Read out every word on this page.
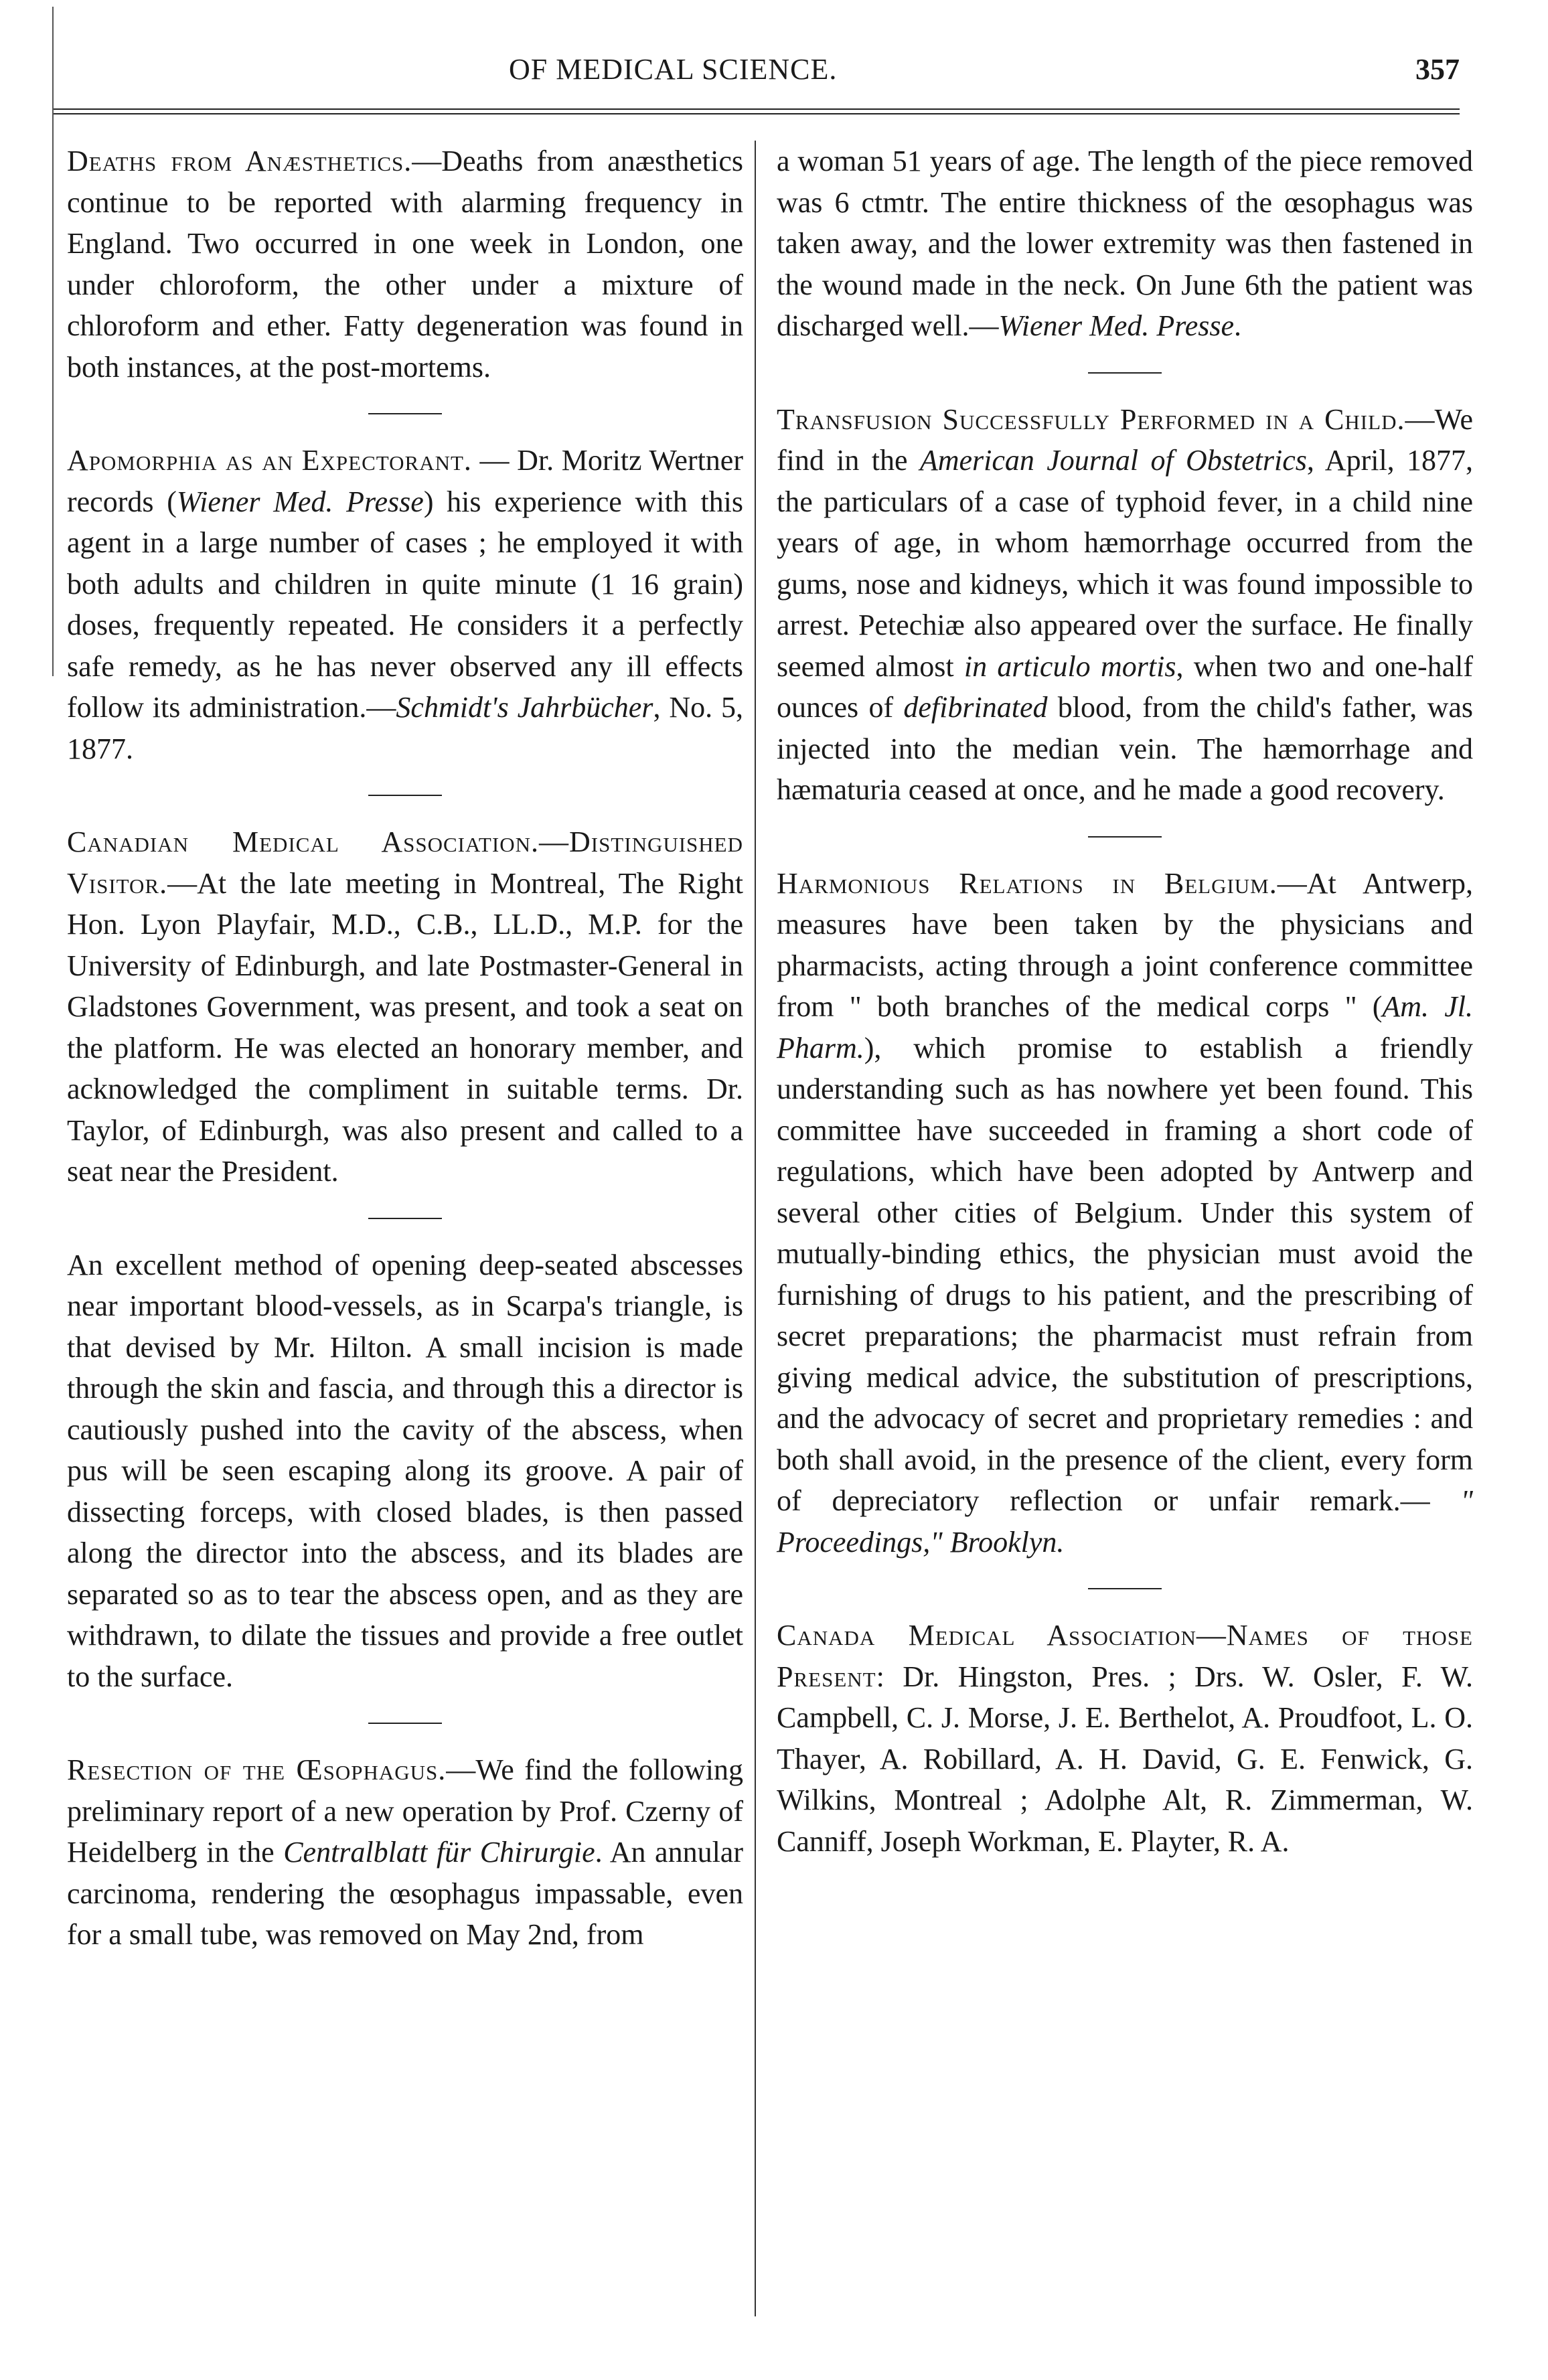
OF MEDICAL SCIENCE.	357

Deaths from Anæsthetics.—Deaths from anæsthetics continue to be reported with alarming frequency in England. Two occurred in one week in London, one under chloroform, the other under a mixture of chloroform and ether. Fatty degeneration was found in both instances, at the post-mortems.

Apomorphia as an Expectorant. — Dr. Moritz Wertner records (Wiener Med. Presse) his experience with this agent in a large number of cases ; he employed it with both adults and children in quite minute (1 16 grain) doses, frequently repeated. He considers it a perfectly safe remedy, as he has never observed any ill effects follow its administration.—Schmidt's Jahrbücher, No. 5, 1877.

Canadian Medical Association.—Distinguished Visitor.—At the late meeting in Montreal, The Right Hon. Lyon Playfair, M.D., C.B., LL.D., M.P. for the University of Edinburgh, and late Postmaster-General in Gladstones Government, was present, and took a seat on the platform. He was elected an honorary member, and acknowledged the compliment in suitable terms. Dr. Taylor, of Edinburgh, was also present and called to a seat near the President.

An excellent method of opening deep-seated abscesses near important blood-vessels, as in Scarpa's triangle, is that devised by Mr. Hilton. A small incision is made through the skin and fascia, and through this a director is cautiously pushed into the cavity of the abscess, when pus will be seen escaping along its groove. A pair of dissecting forceps, with closed blades, is then passed along the director into the abscess, and its blades are separated so as to tear the abscess open, and as they are withdrawn, to dilate the tissues and provide a free outlet to the surface.

Resection of the Œsophagus.—We find the following preliminary report of a new operation by Prof. Czerny of Heidelberg in the Centralblatt für Chirurgie. An annular carcinoma, rendering the œsophagus impassable, even for a small tube, was removed on May 2nd, from

a woman 51 years of age. The length of the piece removed was 6 ctmtr. The entire thickness of the œsophagus was taken away, and the lower extremity was then fastened in the wound made in the neck. On June 6th the patient was discharged well.—Wiener Med. Presse.

Transfusion Successfully Performed in a Child.—We find in the American Journal of Obstetrics, April, 1877, the particulars of a case of typhoid fever, in a child nine years of age, in whom hæmorrhage occurred from the gums, nose and kidneys, which it was found impossible to arrest. Petechiæ also appeared over the surface. He finally seemed almost in articulo mortis, when two and one-half ounces of defibrinated blood, from the child's father, was injected into the median vein. The hæmorrhage and hæmaturia ceased at once, and he made a good recovery.

Harmonious Relations in Belgium.—At Antwerp, measures have been taken by the physicians and pharmacists, acting through a joint conference committee from " both branches of the medical corps " (Am. Jl. Pharm.), which promise to establish a friendly understanding such as has nowhere yet been found. This committee have succeeded in framing a short code of regulations, which have been adopted by Antwerp and several other cities of Belgium. Under this system of mutually-binding ethics, the physician must avoid the furnishing of drugs to his patient, and the prescribing of secret preparations; the pharmacist must refrain from giving medical advice, the substitution of prescriptions, and the advocacy of secret and proprietary remedies : and both shall avoid, in the presence of the client, every form of depreciatory reflection or unfair remark.— " Proceedings," Brooklyn.

Canada Medical Association—Names of those Present: Dr. Hingston, Pres. ; Drs. W. Osler, F. W. Campbell, C. J. Morse, J. E. Berthelot, A. Proudfoot, L. O. Thayer, A. Robillard, A. H. David, G. E. Fenwick, G. Wilkins, Montreal ; Adolphe Alt, R. Zimmerman, W. Canniff, Joseph Workman, E. Playter, R. A.
